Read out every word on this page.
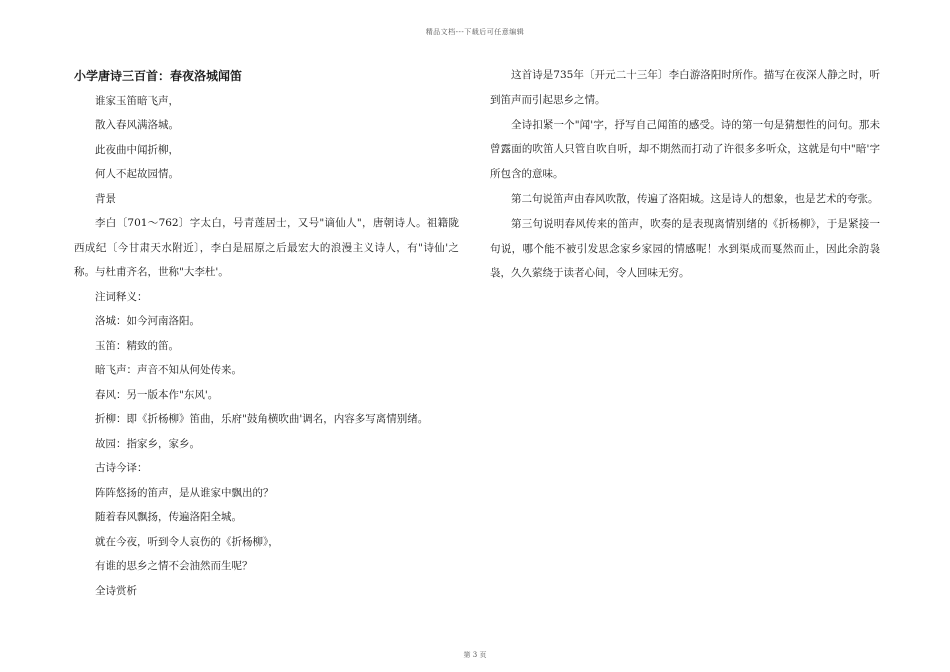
精品文档---下载后可任意编辑
小学唐诗三百首：春夜洛城闻笛

谁家玉笛暗飞声，

散入春风满洛城。

此夜曲中闻折柳，

何人不起故园情。

背景

李白〔701～762〕字太白，号青莲居士，又号"谪仙人"，唐朝诗人。祖籍陇西成纪〔今甘肃天水附近〕，李白是屈原之后最宏大的浪漫主义诗人，有"诗仙'之称。与杜甫齐名，世称"大李杜'。

注词释义：

洛城：如今河南洛阳。

玉笛：精致的笛。

暗飞声：声音不知从何处传来。

春风：另一版本作"东风'。

折柳：即《折杨柳》笛曲，乐府"鼓角横吹曲'调名，内容多写离情别绪。

故园：指家乡，家乡。

古诗今译：

阵阵悠扬的笛声，是从谁家中飘出的？

随着春风飘扬，传遍洛阳全城。

就在今夜，听到令人哀伤的《折杨柳》，

有谁的思乡之情不会油然而生呢？

全诗赏析

这首诗是735年〔开元二十三年〕李白游洛阳时所作。描写在夜深人静之时，听到笛声而引起思乡之情。

全诗扣紧一个"闻'字，抒写自己闻笛的感受。诗的第一句是猜想性的问句。那未曾露面的吹笛人只管自吹自听，却不期然而打动了许很多多听众，这就是句中"暗'字所包含的意味。

第二句说笛声由春风吹散，传遍了洛阳城。这是诗人的想象，也是艺术的夸张。

第三句说明春风传来的笛声，吹奏的是表现离情别绪的《折杨柳》，于是紧接一句说，哪个能不被引发思念家乡家园的情感呢！水到渠成而戛然而止，因此余韵袅袅，久久萦绕于读者心间，令人回味无穷。

第 3 页
